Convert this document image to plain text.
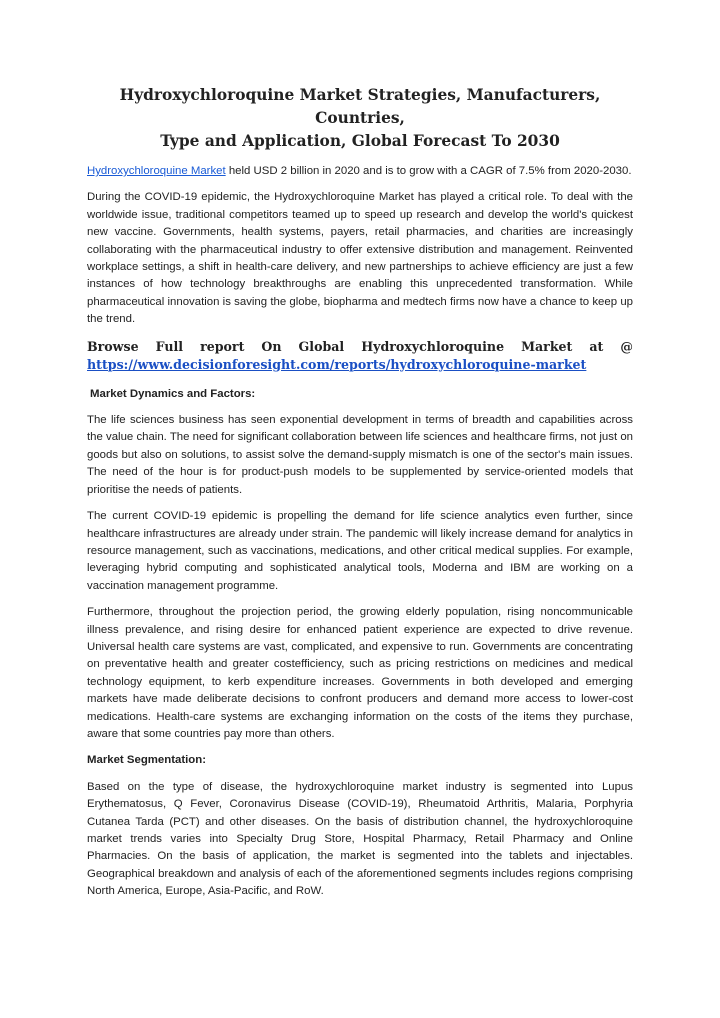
Hydroxychloroquine Market Strategies, Manufacturers, Countries,
Type and Application, Global Forecast To 2030

Hydroxychloroquine Market held USD 2 billion in 2020 and is to grow with a CAGR of 7.5% from 2020-2030.

During the COVID-19 epidemic, the Hydroxychloroquine Market has played a critical role. To deal with the worldwide issue, traditional competitors teamed up to speed up research and develop the world's quickest new vaccine. Governments, health systems, payers, retail pharmacies, and charities are increasingly collaborating with the pharmaceutical industry to offer extensive distribution and management. Reinvented workplace settings, a shift in health-care delivery, and new partnerships to achieve efficiency are just a few instances of how technology breakthroughs are enabling this unprecedented transformation. While pharmaceutical innovation is saving the globe, biopharma and medtech firms now have a chance to keep up the trend.

Browse Full report On Global Hydroxychloroquine Market at @
https://www.decisionforesight.com/reports/hydroxychloroquine-market
Market Dynamics and Factors:

The life sciences business has seen exponential development in terms of breadth and capabilities across the value chain. The need for significant collaboration between life sciences and healthcare firms, not just on goods but also on solutions, to assist solve the demand-supply mismatch is one of the sector's main issues. The need of the hour is for product-push models to be supplemented by service-oriented models that prioritise the needs of patients.

The current COVID-19 epidemic is propelling the demand for life science analytics even further, since healthcare infrastructures are already under strain. The pandemic will likely increase demand for analytics in resource management, such as vaccinations, medications, and other critical medical supplies. For example, leveraging hybrid computing and sophisticated analytical tools, Moderna and IBM are working on a vaccination management programme.

Furthermore, throughout the projection period, the growing elderly population, rising noncommunicable illness prevalence, and rising desire for enhanced patient experience are expected to drive revenue. Universal health care systems are vast, complicated, and expensive to run. Governments are concentrating on preventative health and greater costefficiency, such as pricing restrictions on medicines and medical technology equipment, to kerb expenditure increases. Governments in both developed and emerging markets have made deliberate decisions to confront producers and demand more access to lower-cost medications. Health-care systems are exchanging information on the costs of the items they purchase, aware that some countries pay more than others.

Market Segmentation:

Based on the type of disease, the hydroxychloroquine market industry is segmented into Lupus Erythematosus, Q Fever, Coronavirus Disease (COVID-19), Rheumatoid Arthritis, Malaria, Porphyria Cutanea Tarda (PCT) and other diseases. On the basis of distribution channel, the hydroxychloroquine market trends varies into Specialty Drug Store, Hospital Pharmacy, Retail Pharmacy and Online Pharmacies. On the basis of application, the market is segmented into the tablets and injectables. Geographical breakdown and analysis of each of the aforementioned segments includes regions comprising North America, Europe, Asia-Pacific, and RoW.
